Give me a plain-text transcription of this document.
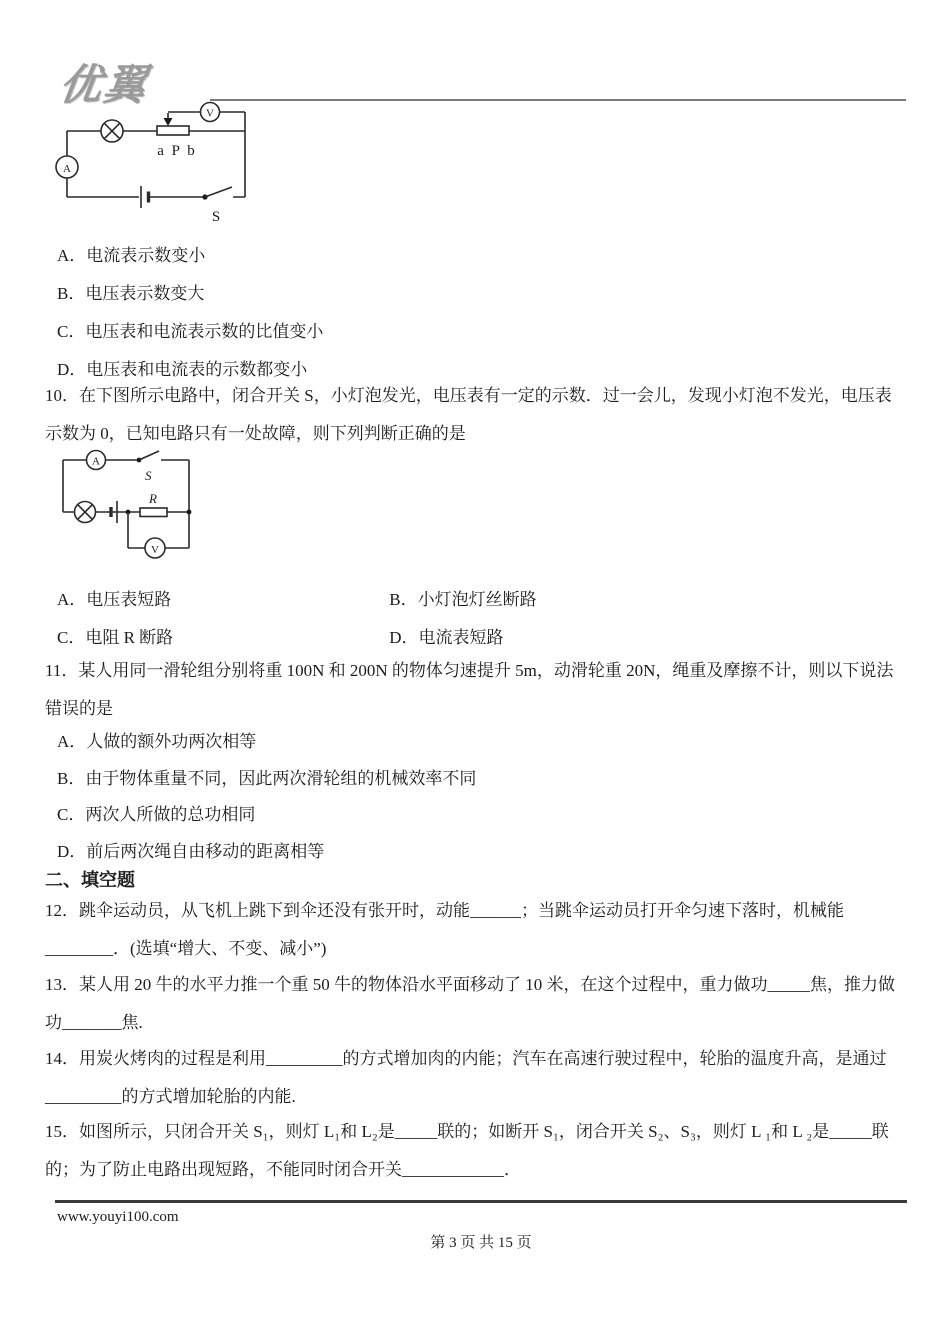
优翼
V
A
a P b
S
A．电流表示数变小
B．电压表示数变大
C．电压表和电流表示数的比值变小
D．电压表和电流表的示数都变小
10．在下图所示电路中，闭合开关 S，小灯泡发光，电压表有一定的示数．过一会儿，发现小灯泡不发光，电压表
示数为 0，已知电路只有一处故障，则下列判断正确的是
A
S
R
V
A．电压表短路	B．小灯泡灯丝断路
C．电阻 R 断路	D．电流表短路
11．某人用同一滑轮组分别将重 100N 和 200N 的物体匀速提升 5m，动滑轮重 20N，绳重及摩擦不计，则以下说法
错误的是
A．人做的额外功两次相等
B．由于物体重量不同，因此两次滑轮组的机械效率不同
C．两次人所做的总功相同
D．前后两次绳自由移动的距离相等
二、填空题
12．跳伞运动员，从飞机上跳下到伞还没有张开时，动能______；当跳伞运动员打开伞匀速下落时，机械能
________．(选填“增大、不变、减小”)
13．某人用 20 牛的水平力推一个重 50 牛的物体沿水平面移动了 10 米，在这个过程中，重力做功_____焦，推力做
功_______焦.
14．用炭火烤肉的过程是利用_________的方式增加肉的内能；汽车在高速行驶过程中，轮胎的温度升高，是通过
_________的方式增加轮胎的内能.
15．如图所示，只闭合开关 S₁，则灯 L₁和 L₂是_____联的；如断开 S₁，闭合开关 S₂、S₃，则灯 L ₁和 L ₂是_____联
的；为了防止电路出现短路，不能同时闭合开关____________．
www.youyi100.com
第 3 页 共 15 页
